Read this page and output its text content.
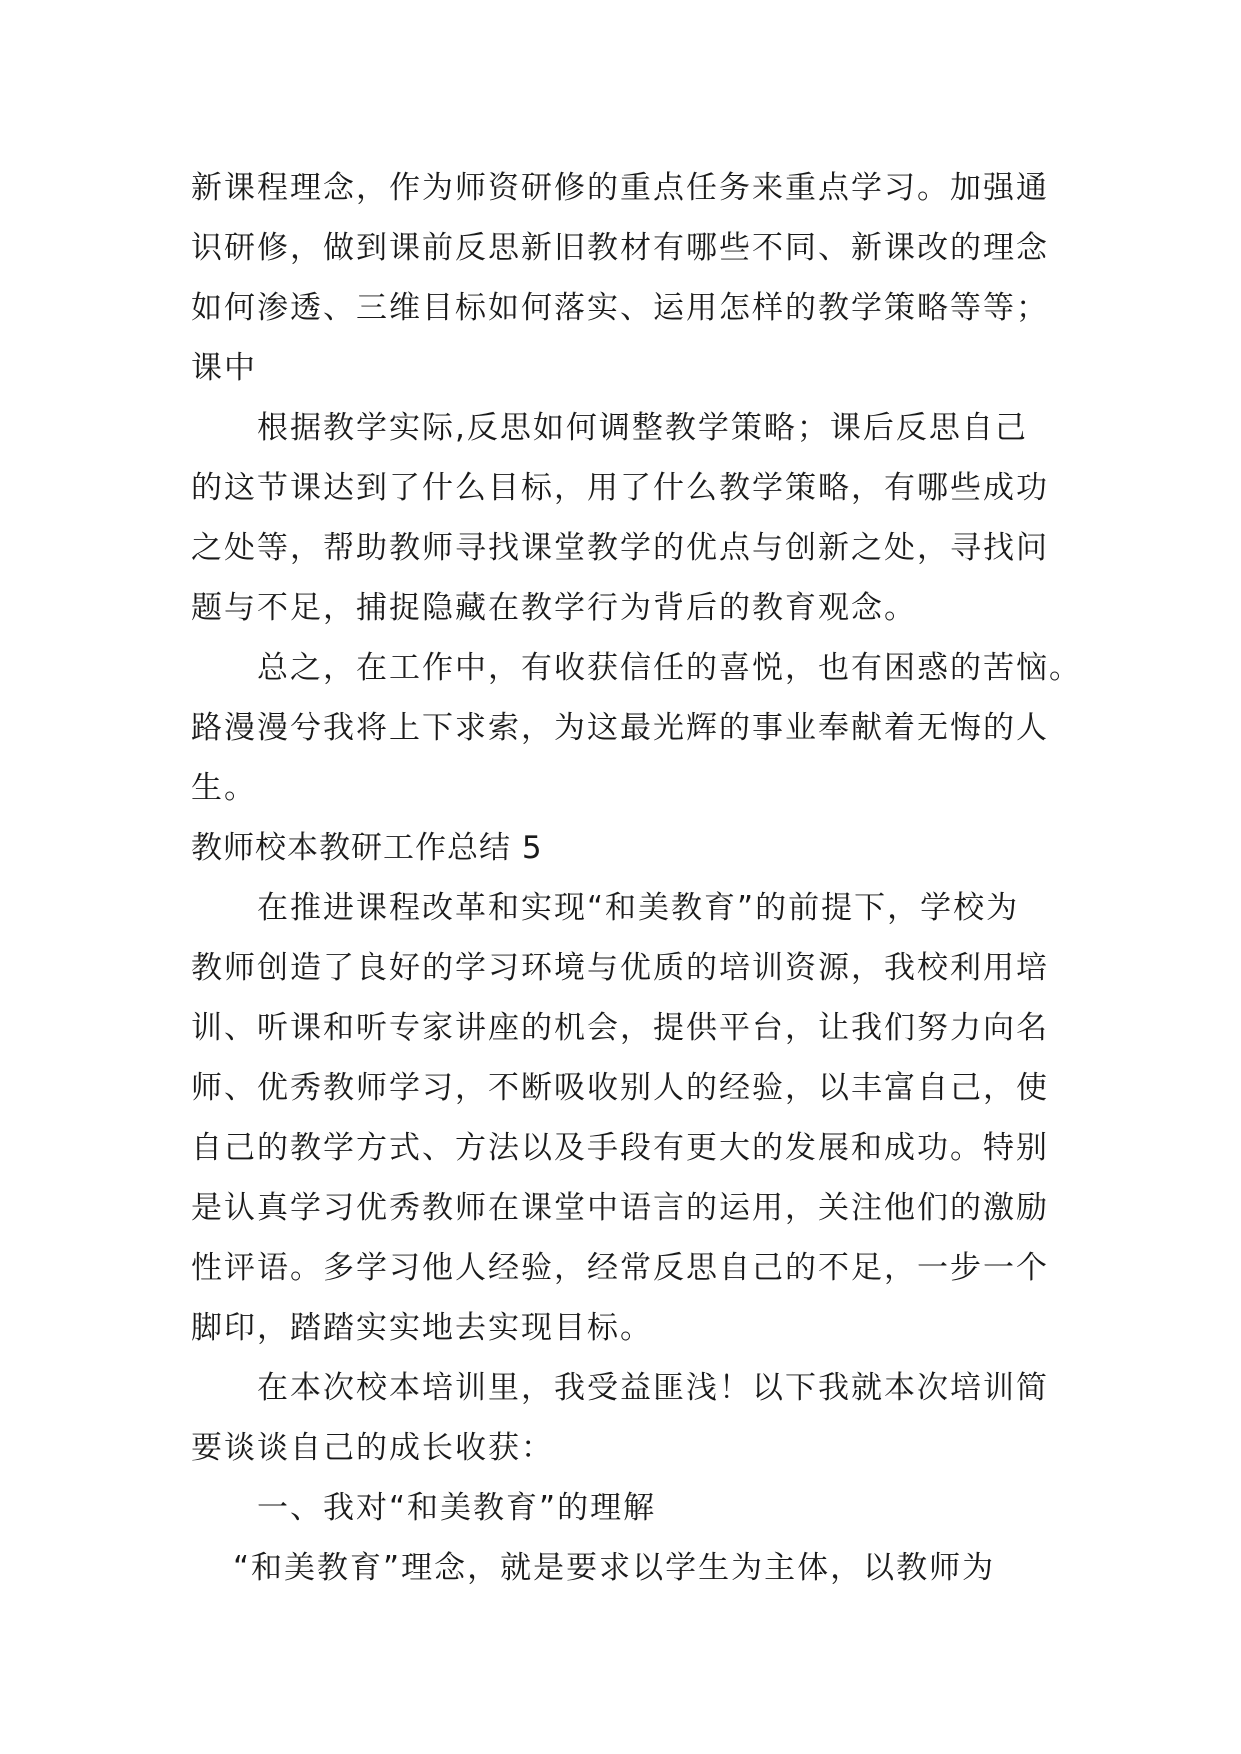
新课程理念，作为师资研修的重点任务来重点学习。加强通
识研修，做到课前反思新旧教材有哪些不同、新课改的理念
如何渗透、三维目标如何落实、运用怎样的教学策略等等；
课中
根据教学实际,反思如何调整教学策略；课后反思自己
的这节课达到了什么目标，用了什么教学策略，有哪些成功
之处等，帮助教师寻找课堂教学的优点与创新之处，寻找问
题与不足，捕捉隐藏在教学行为背后的教育观念。
总之，在工作中，有收获信任的喜悦，也有困惑的苦恼。
路漫漫兮我将上下求索，为这最光辉的事业奉献着无悔的人
生。
教师校本教研工作总结 5
在推进课程改革和实现“和美教育”的前提下，学校为
教师创造了良好的学习环境与优质的培训资源，我校利用培
训、听课和听专家讲座的机会，提供平台，让我们努力向名
师、优秀教师学习，不断吸收别人的经验，以丰富自己，使
自己的教学方式、方法以及手段有更大的发展和成功。特别
是认真学习优秀教师在课堂中语言的运用，关注他们的激励
性评语。多学习他人经验，经常反思自己的不足，一步一个
脚印，踏踏实实地去实现目标。
在本次校本培训里，我受益匪浅！以下我就本次培训简
要谈谈自己的成长收获：
一、我对“和美教育”的理解
“和美教育”理念，就是要求以学生为主体，以教师为
